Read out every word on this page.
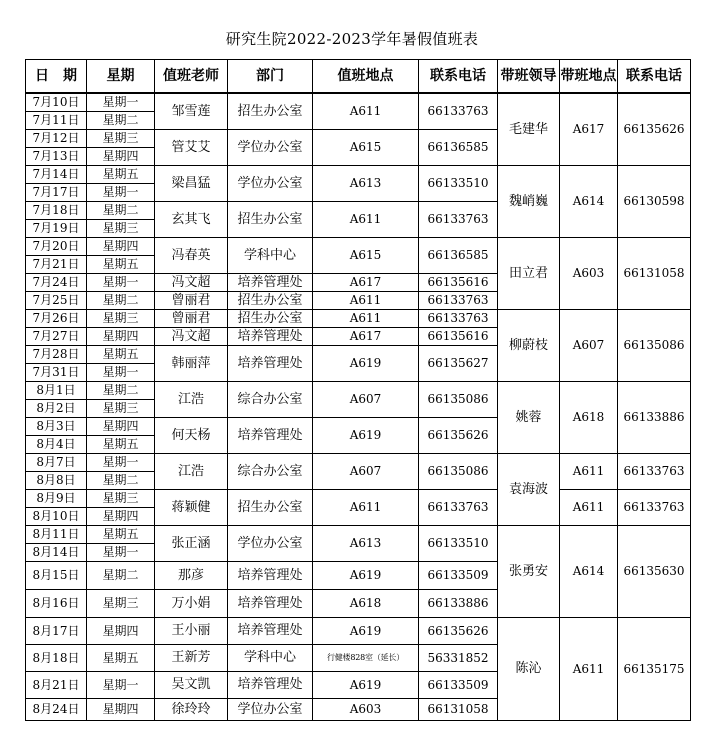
研究生院2022-2023学年暑假值班表
日　期	星期	值班老师	部门	值班地点	联系电话	带班领导	带班地点	联系电话
7月10日	星期一	邹雪莲	招生办公室	A611	66133763	毛建华	A617	66135626
7月11日	星期二							
7月12日	星期三	管艾艾	学位办公室	A615	66136585			
7月13日	星期四							
7月14日	星期五	梁昌猛	学位办公室	A613	66133510	魏峭巍	A614	66130598
7月17日	星期一							
7月18日	星期二	玄其飞	招生办公室	A611	66133763			
7月19日	星期三							
7月20日	星期四	冯春英	学科中心	A615	66136585	田立君	A603	66131058
7月21日	星期五							
7月24日	星期一	冯文超	培养管理处	A617	66135616			
7月25日	星期二	曾丽君	招生办公室	A611	66133763			
7月26日	星期三	曾丽君	招生办公室	A611	66133763	柳蔚枝	A607	66135086
7月27日	星期四	冯文超	培养管理处	A617	66135616			
7月28日	星期五	韩丽萍	培养管理处	A619	66135627			
7月31日	星期一							
8月1日	星期二	江浩	综合办公室	A607	66135086	姚蓉	A618	66133886
8月2日	星期三							
8月3日	星期四	何天杨	培养管理处	A619	66135626			
8月4日	星期五							
8月7日	星期一	江浩	综合办公室	A607	66135086	袁海波	A611	66133763
8月8日	星期二							
8月9日	星期三	蒋颖健	招生办公室	A611	66133763		A611	66133763
8月10日	星期四							
8月11日	星期五	张正涵	学位办公室	A613	66133510	张勇安	A614	66135630
8月14日	星期一							
8月15日	星期二	那彦	培养管理处	A619	66133509			
8月16日	星期三	万小娟	培养管理处	A618	66133886			
8月17日	星期四	王小丽	培养管理处	A619	66135626	陈沁	A611	66135175
8月18日	星期五	王新芳	学科中心	行健楼828室（延长）	56331852			
8月21日	星期一	吴文凯	培养管理处	A619	66133509			
8月24日	星期四	徐玲玲	学位办公室	A603	66131058			
